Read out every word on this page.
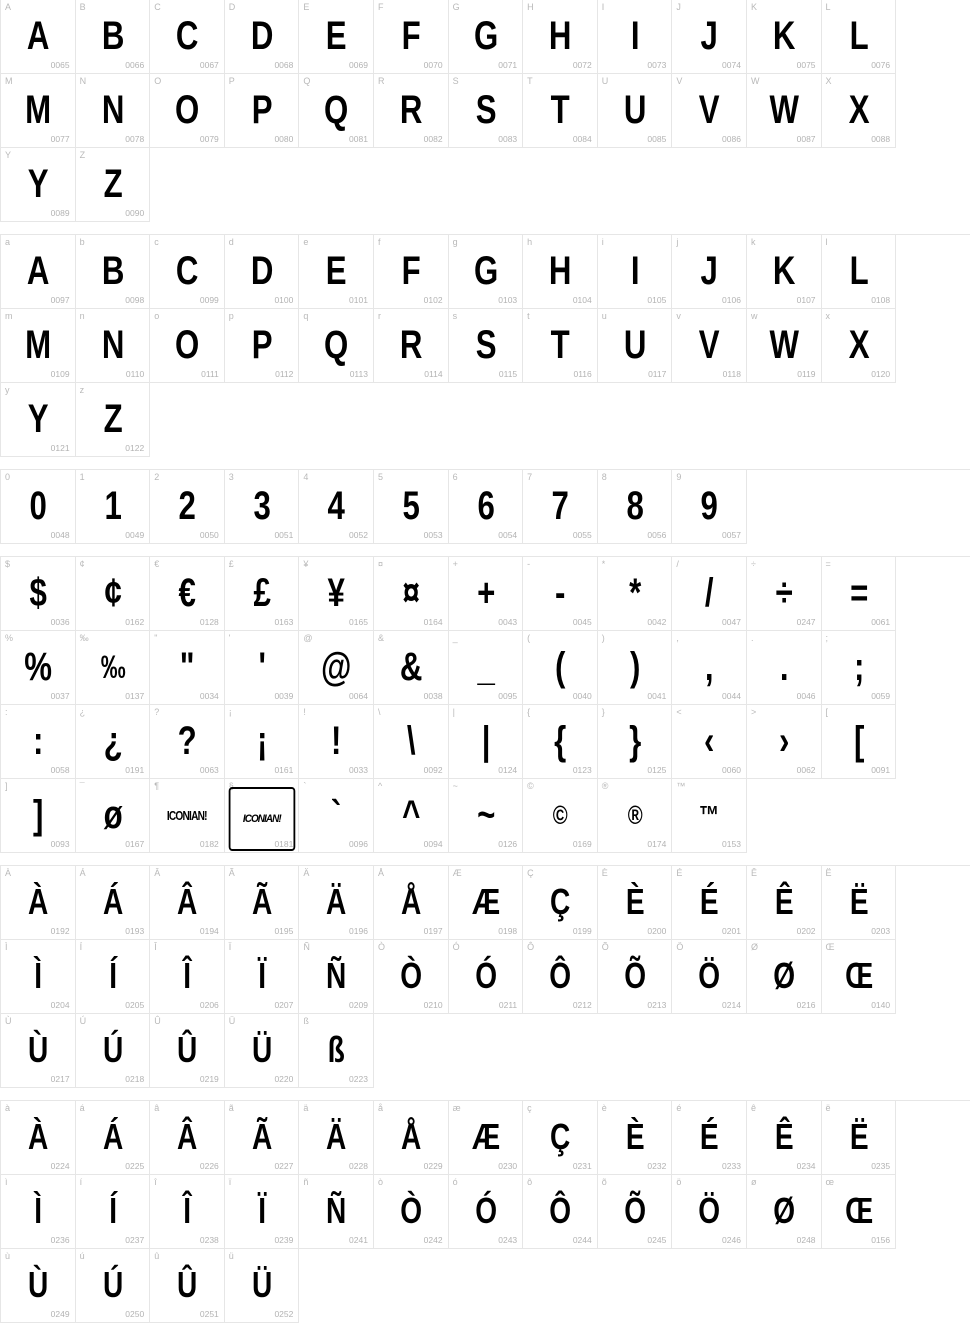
A
A
0065
B
B
0066
C
C
0067
D
D
0068
E
E
0069
F
F
0070
G
G
0071
H
H
0072
I
I
0073
J
J
0074
K
K
0075
L
L
0076
M
M
0077
N
N
0078
O
O
0079
P
P
0080
Q
Q
0081
R
R
0082
S
S
0083
T
T
0084
U
U
0085
V
V
0086
W
W
0087
X
X
0088
Y
Y
0089
Z
Z
0090
a
A
0097
b
B
0098
c
C
0099
d
D
0100
e
E
0101
f
F
0102
g
G
0103
h
H
0104
i
I
0105
j
J
0106
k
K
0107
l
L
0108
m
M
0109
n
N
0110
o
O
0111
p
P
0112
q
Q
0113
r
R
0114
s
S
0115
t
T
0116
u
U
0117
v
V
0118
w
W
0119
x
X
0120
y
Y
0121
z
Z
0122
0
0
0048
1
1
0049
2
2
0050
3
3
0051
4
4
0052
5
5
0053
6
6
0054
7
7
0055
8
8
0056
9
9
0057
$
$
0036
¢
¢
0162
€
€
0128
£
£
0163
¥
¥
0165
¤
¤
0164
+
+
0043
-
-
0045
*
*
0042
/
/
0047
÷
÷
0247
=
=
0061
%
%
0037
‰
‰
0137
"
"
0034
'
'
0039
@
@
0064
&
&
0038
_
_
0095
(
(
0040
)
)
0041
,
,
0044
.
.
0046
;
;
0059
:
:
0058
¿
¿
0191
?
?
0063
¡
¡
0161
!
!
0033
\
\
0092
|
|
0124
{
{
0123
}
}
0125
<
‹
0060
>
›
0062
[
[
0091
]
]
0093
¯
ø
0167
¶
ICONIAN!
0182
§
ICONIAN!
0181
`
`
0096
^
^
0094
~
~
0126
©
©
0169
®
®
0174
™
™
0153
À
À
0192
Á
Á
0193
Â
Â
0194
Ã
Ã
0195
Ä
Ä
0196
Å
Å
0197
Æ
Æ
0198
Ç
Ç
0199
È
È
0200
É
É
0201
Ê
Ê
0202
Ë
Ë
0203
Ì
Ì
0204
Í
Í
0205
Î
Î
0206
Ï
Ï
0207
Ñ
Ñ
0209
Ò
Ò
0210
Ó
Ó
0211
Ô
Ô
0212
Õ
Õ
0213
Ö
Ö
0214
Ø
Ø
0216
Œ
Œ
0140
Ù
Ù
0217
Ú
Ú
0218
Û
Û
0219
Ü
Ü
0220
ß
ß
0223
à
À
0224
á
Á
0225
â
Â
0226
ã
Ã
0227
ä
Ä
0228
å
Å
0229
æ
Æ
0230
ç
Ç
0231
è
È
0232
é
É
0233
ê
Ê
0234
ë
Ë
0235
ì
Ì
0236
í
Í
0237
î
Î
0238
ï
Ï
0239
ñ
Ñ
0241
ò
Ò
0242
ó
Ó
0243
ô
Ô
0244
õ
Õ
0245
ö
Ö
0246
ø
Ø
0248
œ
Œ
0156
ù
Ù
0249
ú
Ú
0250
û
Û
0251
ü
Ü
0252
